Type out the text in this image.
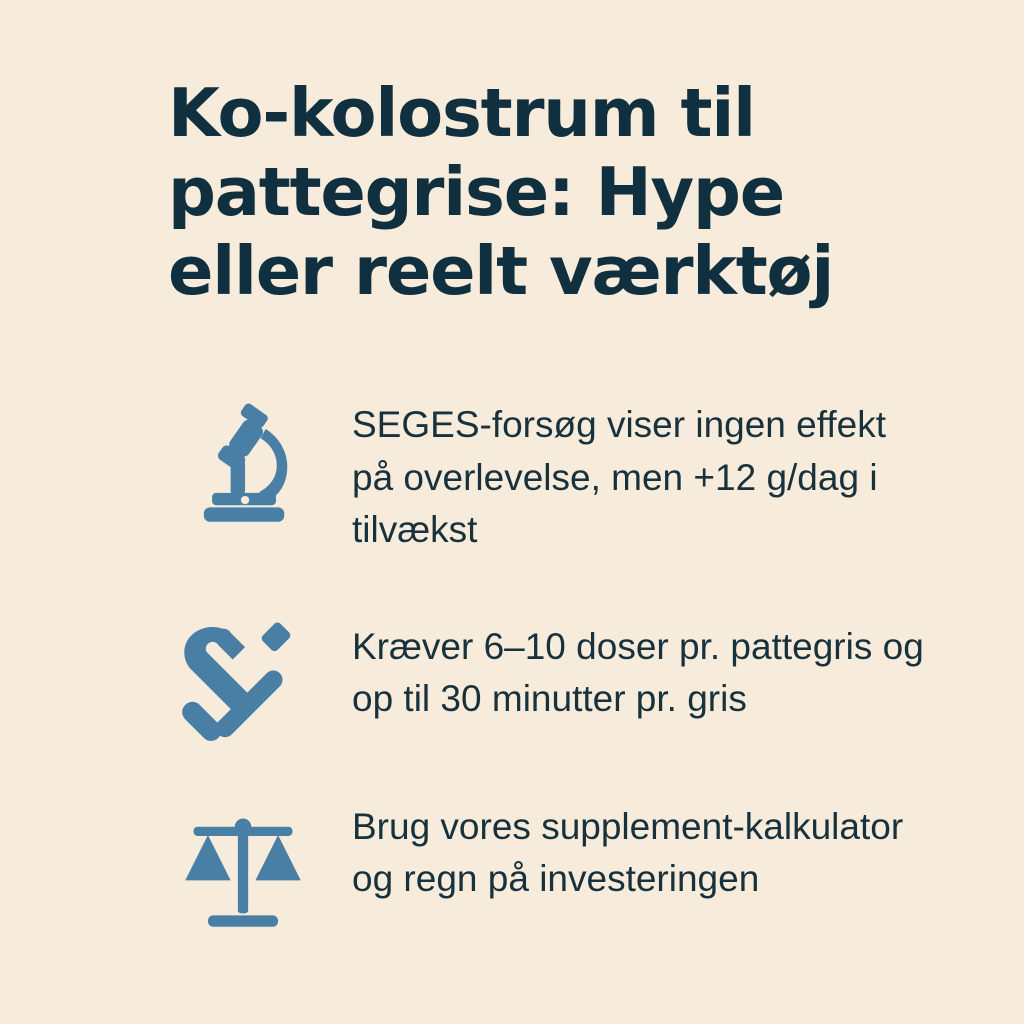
Ko-kolostrum til pattegrise: Hype eller reelt værktøj
SEGES-forsøg viser ingen effekt på overlevelse, men +12 g/dag i tilvækst
Kræver 6–10 doser pr. pattegris og op til 30 minutter pr. gris
Brug vores supplement-kalkulator og regn på investeringen
